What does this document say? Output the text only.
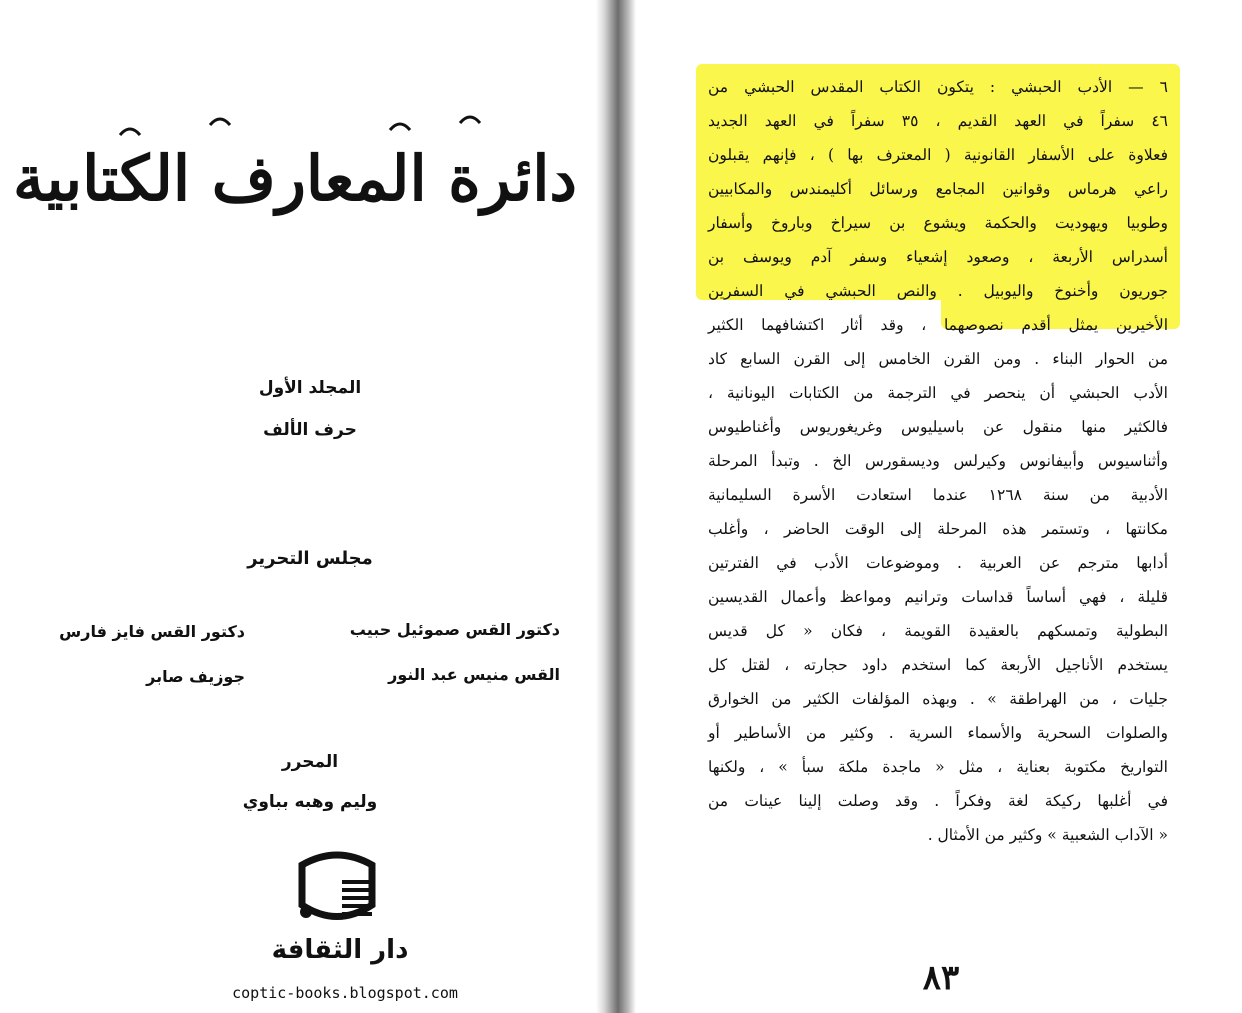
دائرة المعارف الكتابية
المجلد الأول
حرف الألف
مجلس التحرير
دكتور القس صموئيل حبيب
دكتور القس فايز فارس
القس منيس عبد النور
جوزيف صابر
المحرر
وليم وهبه بباوي
دار الثقافة
coptic-books.blogspot.com
٦ — الأدب الحبشي : يتكون الكتاب المقدس الحبشي من
٤٦ سفراً في العهد القديم ، ٣٥ سفراً في العهد الجديد
فعلاوة على الأسفار القانونية ( المعترف بها ) ، فإنهم يقبلون
راعي هرماس وقوانين المجامع ورسائل أكليمندس والمكابيين
وطوبيا ويهوديت والحكمة ويشوع بن سيراخ وباروخ وأسفار
أسدراس الأربعة ، وصعود إشعياء وسفر آدم ويوسف بن
جوريون وأخنوخ واليوبيل . والنص الحبشي في السفرين
الأخيرين يمثل أقدم نصوصهما ، وقد أثار اكتشافهما الكثير
من الحوار البناء . ومن القرن الخامس إلى القرن السابع كاد
الأدب الحبشي أن ينحصر في الترجمة من الكتابات اليونانية ،
فالكثير منها منقول عن باسيليوس وغريغوريوس وأغناطيوس
وأثناسيوس وأبيفانوس وكيرلس وديسقورس الخ . وتبدأ المرحلة
الأدبية من سنة ١٢٦٨ عندما استعادت الأسرة السليمانية
مكانتها ، وتستمر هذه المرحلة إلى الوقت الحاضر ، وأغلب
أدابها مترجم عن العربية . وموضوعات الأدب في الفترتين
قليلة ، فهي أساساً قداسات وترانيم ومواعظ وأعمال القديسين
البطولية وتمسكهم بالعقيدة القويمة ، فكان « كل قديس
يستخدم الأناجيل الأربعة كما استخدم داود حجارته ، لقتل كل
جليات ، من الهراطقة » . وبهذه المؤلفات الكثير من الخوارق
والصلوات السحرية والأسماء السرية . وكثير من الأساطير أو
التواريخ مكتوبة بعناية ، مثل « ماجدة ملكة سبأ » ، ولكنها
في أغلبها ركيكة لغة وفكراً . وقد وصلت إلينا عينات من
« الآداب الشعبية » وكثير من الأمثال .
٨٣
